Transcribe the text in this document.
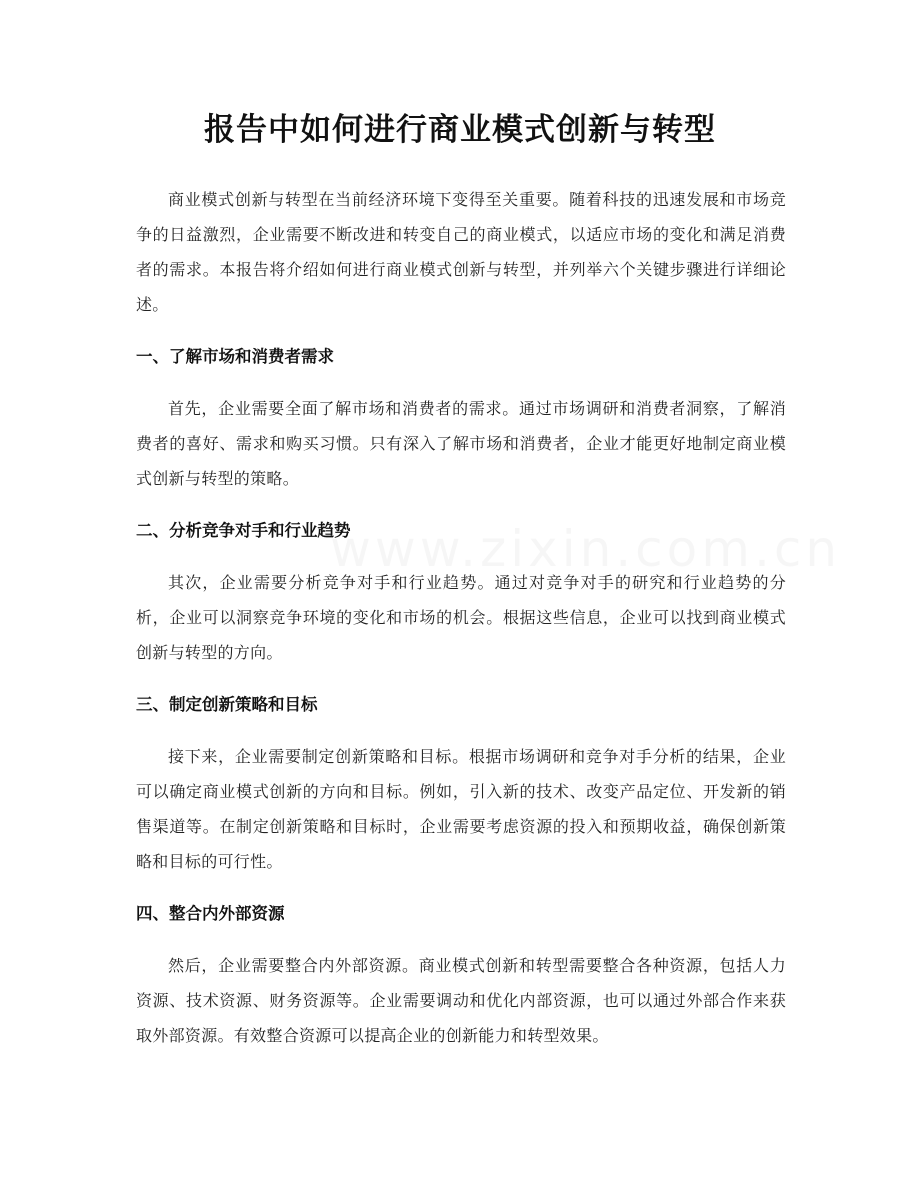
报告中如何进行商业模式创新与转型

商业模式创新与转型在当前经济环境下变得至关重要。随着科技的迅速发展和市场竞争的日益激烈，企业需要不断改进和转变自己的商业模式，以适应市场的变化和满足消费者的需求。本报告将介绍如何进行商业模式创新与转型，并列举六个关键步骤进行详细论述。

一、了解市场和消费者需求

首先，企业需要全面了解市场和消费者的需求。通过市场调研和消费者洞察，了解消费者的喜好、需求和购买习惯。只有深入了解市场和消费者，企业才能更好地制定商业模式创新与转型的策略。

二、分析竞争对手和行业趋势

其次，企业需要分析竞争对手和行业趋势。通过对竞争对手的研究和行业趋势的分析，企业可以洞察竞争环境的变化和市场的机会。根据这些信息，企业可以找到商业模式创新与转型的方向。

三、制定创新策略和目标

接下来，企业需要制定创新策略和目标。根据市场调研和竞争对手分析的结果，企业可以确定商业模式创新的方向和目标。例如，引入新的技术、改变产品定位、开发新的销售渠道等。在制定创新策略和目标时，企业需要考虑资源的投入和预期收益，确保创新策略和目标的可行性。

四、整合内外部资源

然后，企业需要整合内外部资源。商业模式创新和转型需要整合各种资源，包括人力资源、技术资源、财务资源等。企业需要调动和优化内部资源，也可以通过外部合作来获取外部资源。有效整合资源可以提高企业的创新能力和转型效果。
